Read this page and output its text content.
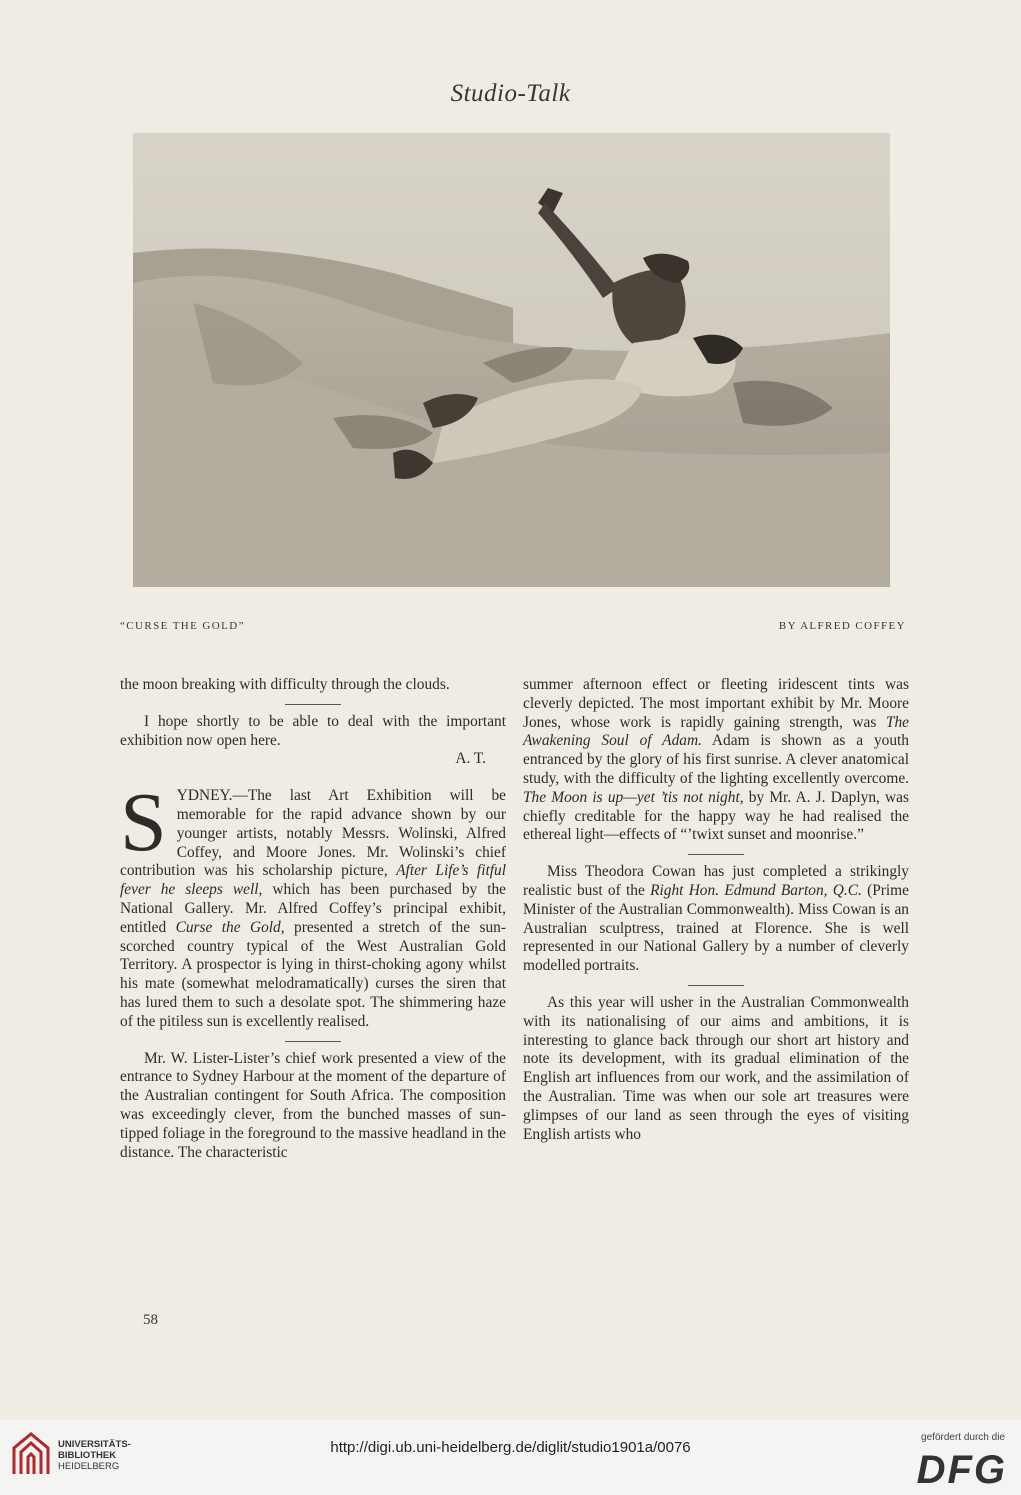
Studio-Talk
“CURSE THE GOLD”	BY ALFRED COFFEY

the moon breaking with difficulty through the clouds.

I hope shortly to be able to deal with the important exhibition now open here.

A. T.

SYDNEY.—The last Art Exhibition will be memorable for the rapid advance shown by our younger artists, notably Messrs. Wolinski, Alfred Coffey, and Moore Jones. Mr. Wolinski’s chief contribution was his scholarship picture, After Life’s fitful fever he sleeps well, which has been purchased by the National Gallery. Mr. Alfred Coffey’s principal exhibit, entitled Curse the Gold, presented a stretch of the sun-scorched country typical of the West Australian Gold Territory. A prospector is lying in thirst-choking agony whilst his mate (somewhat melodramatically) curses the siren that has lured them to such a desolate spot. The shimmering haze of the pitiless sun is excellently realised.

Mr. W. Lister-Lister’s chief work presented a view of the entrance to Sydney Harbour at the moment of the departure of the Australian contingent for South Africa. The composition was exceedingly clever, from the bunched masses of sun-tipped foliage in the foreground to the massive headland in the distance. The characteristic

summer afternoon effect or fleeting iridescent tints was cleverly depicted. The most important exhibit by Mr. Moore Jones, whose work is rapidly gaining strength, was The Awakening Soul of Adam. Adam is shown as a youth entranced by the glory of his first sunrise. A clever anatomical study, with the difficulty of the lighting excellently overcome. The Moon is up—yet ’tis not night, by Mr. A. J. Daplyn, was chiefly creditable for the happy way he had realised the ethereal light—effects of “’twixt sunset and moonrise.”

Miss Theodora Cowan has just completed a strikingly realistic bust of the Right Hon. Edmund Barton, Q.C. (Prime Minister of the Australian Commonwealth). Miss Cowan is an Australian sculptress, trained at Florence. She is well represented in our National Gallery by a number of cleverly modelled portraits.

As this year will usher in the Australian Commonwealth with its nationalising of our aims and ambitions, it is interesting to glance back through our short art history and note its development, with its gradual elimination of the English art influences from our work, and the assimilation of the Australian. Time was when our sole art treasures were glimpses of our land as seen through the eyes of visiting English artists who

58
UNIVERSITÄTS-
BIBLIOTHEK
HEIDELBERG
http://digi.ub.uni-heidelberg.de/diglit/studio1901a/0076
gefördert durch die
DFG
